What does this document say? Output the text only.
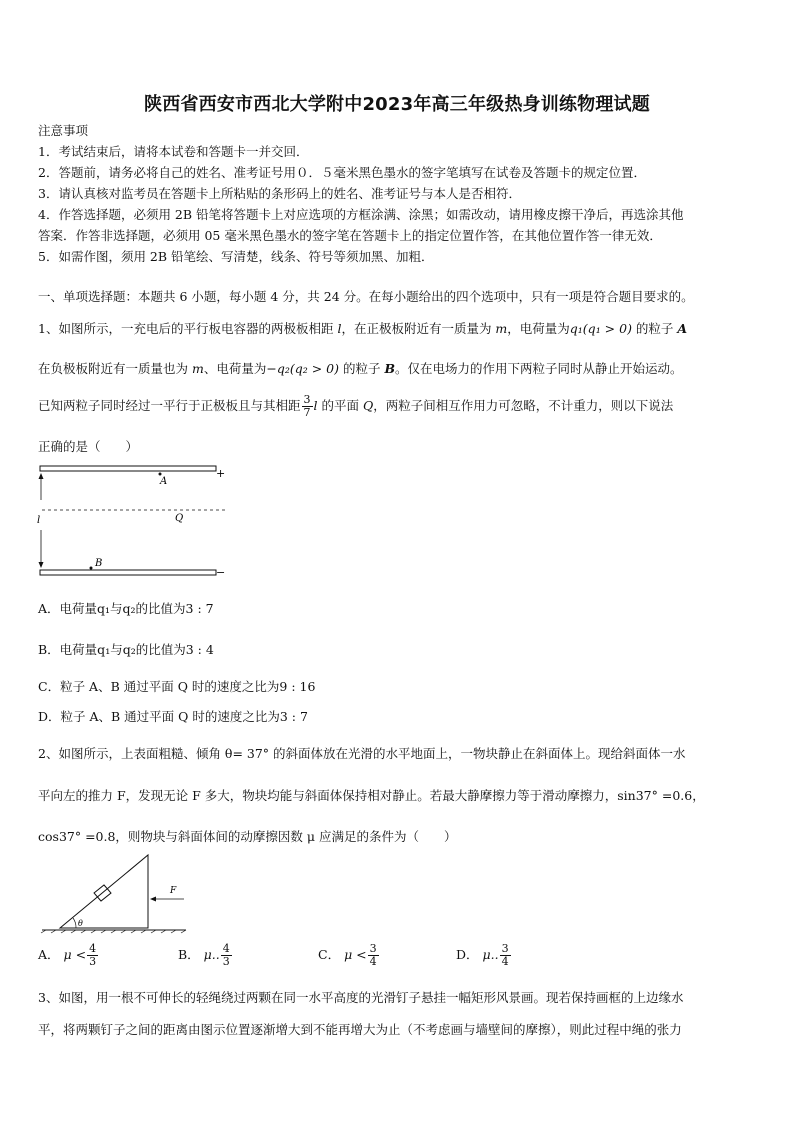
陕西省西安市西北大学附中2023年高三年级热身训练物理试题
注意事项
1．考试结束后，请将本试卷和答题卡一并交回．
2．答题前，请务必将自己的姓名、准考证号用０．５毫米黑色墨水的签字笔填写在试卷及答题卡的规定位置．
3．请认真核对监考员在答题卡上所粘贴的条形码上的姓名、准考证号与本人是否相符．
4．作答选择题，必须用 2B 铅笔将答题卡上对应选项的方框涂满、涂黑；如需改动，请用橡皮擦干净后，再选涂其他
答案．作答非选择题，必须用 05 毫米黑色墨水的签字笔在答题卡上的指定位置作答，在其他位置作答一律无效．
5．如需作图，须用 2B 铅笔绘、写清楚，线条、符号等须加黑、加粗．
一、单项选择题：本题共 6 小题，每小题 4 分，共 24 分。在每小题给出的四个选项中，只有一项是符合题目要求的。
1、如图所示，一充电后的平行板电容器的两极板相距 l，在正极板附近有一质量为 m，电荷量为q₁(q₁ > 0) 的粒子 A
在负极板附近有一质量也为 m、电荷量为−q₂(q₂ > 0) 的粒子 B。仅在电场力的作用下两粒子同时从静止开始运动。
已知两粒子同时经过一平行于正极板且与其相距 $\frac{3}{7}$ l 的平面 Q，两粒子间相互作用力可忽略，不计重力，则以下说法
正确的是（　　）
+
−
l
A
Q
B
A．电荷量q₁与q₂的比值为3 : 7
B．电荷量q₁与q₂的比值为3 : 4
C．粒子 A、B 通过平面 Q 时的速度之比为9 : 16
D．粒子 A、B 通过平面 Q 时的速度之比为3 : 7
2、如图所示，上表面粗糙、倾角 θ= 37° 的斜面体放在光滑的水平地面上，一物块静止在斜面体上。现给斜面体一水
平向左的推力 F，发现无论 F 多大，物块均能与斜面体保持相对静止。若最大静摩擦力等于滑动摩擦力，sin37° =0.6，
cos37° =0.8，则物块与斜面体间的动摩擦因数 μ 应满足的条件为（　　）
θ
F
A． $\mu < \frac{4}{3}$	B． μ.. $\frac{4}{3}$	C． $\mu < \frac{3}{4}$	D． μ.. $\frac{3}{4}$
3、如图，用一根不可伸长的轻绳绕过两颗在同一水平高度的光滑钉子悬挂一幅矩形风景画。现若保持画框的上边缘水
平，将两颗钉子之间的距离由图示位置逐渐增大到不能再增大为止（不考虑画与墙壁间的摩擦），则此过程中绳的张力
